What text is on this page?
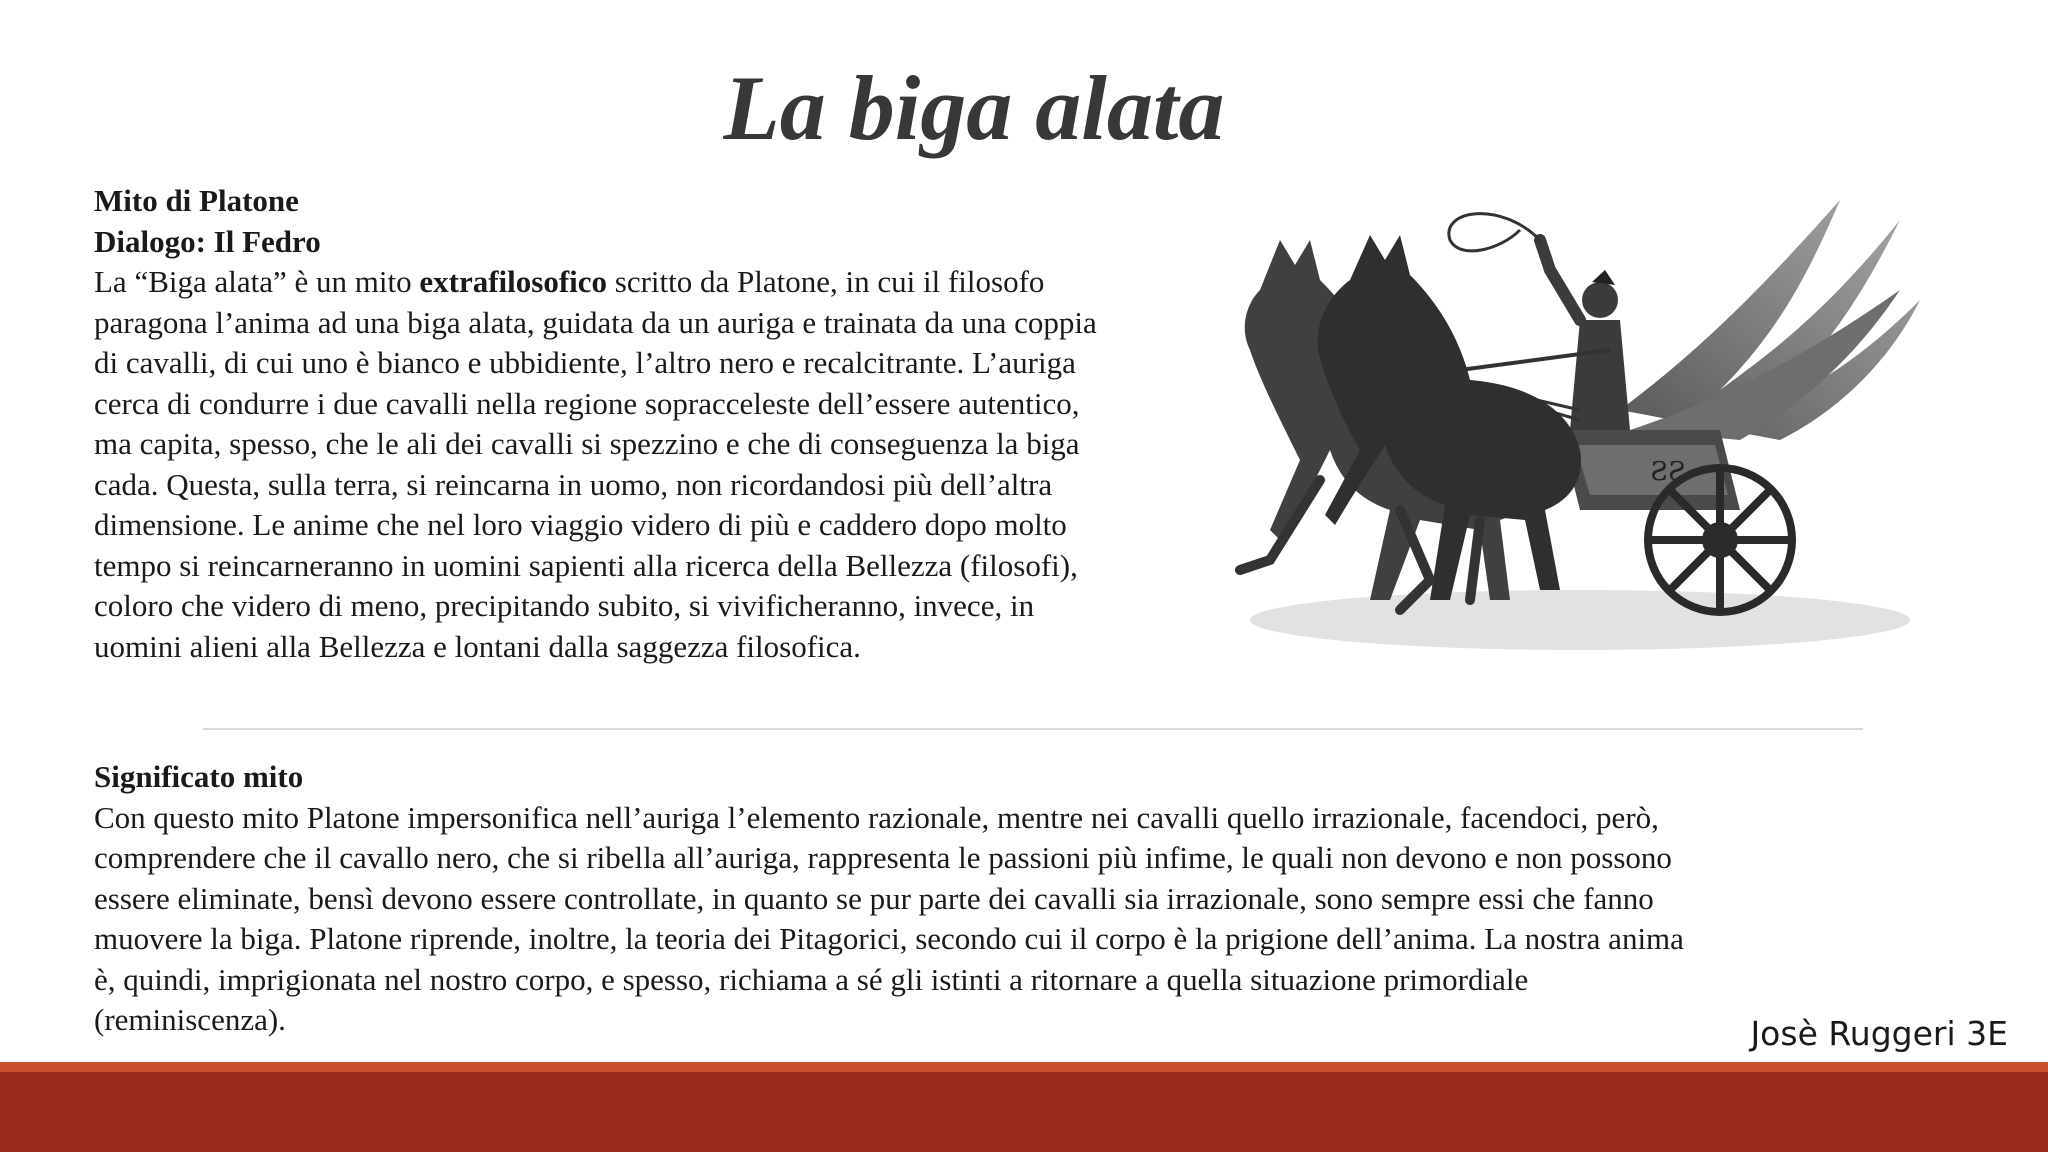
La biga alata
Mito di Platone
Dialogo: Il Fedro
La “Biga alata” è un mito extrafilosofico scritto da Platone, in cui il filosofo
paragona l’anima ad una biga alata, guidata da un auriga e trainata da una coppia
di cavalli, di cui uno è bianco e ubbidiente, l’altro nero e recalcitrante. L’auriga
cerca di condurre i due cavalli nella regione sopracceleste dell’essere autentico,
ma capita, spesso, che le ali dei cavalli si spezzino e che di conseguenza la biga
cada. Questa, sulla terra, si reincarna in uomo, non ricordandosi più dell’altra
dimensione. Le anime che nel loro viaggio videro di più e caddero dopo molto
tempo si reincarneranno in uomini sapienti alla ricerca della Bellezza (filosofi),
coloro che videro di meno, precipitando subito, si vivificheranno, invece, in
uomini alieni alla Bellezza e lontani dalla saggezza filosofica.
ƧƧ
Significato mito
Con questo mito Platone impersonifica nell’auriga l’elemento razionale, mentre nei cavalli quello irrazionale, facendoci, però,
comprendere che il cavallo nero, che si ribella all’auriga, rappresenta le passioni più infime, le quali non devono e non possono
essere eliminate, bensì devono essere controllate, in quanto se pur parte dei cavalli sia irrazionale, sono sempre essi che fanno
muovere la biga. Platone riprende, inoltre, la teoria dei Pitagorici, secondo cui il corpo è la prigione dell’anima. La nostra anima
è, quindi, imprigionata nel nostro corpo, e spesso, richiama a sé gli istinti a ritornare a quella situazione primordiale
(reminiscenza).	Josè Ruggeri 3E
